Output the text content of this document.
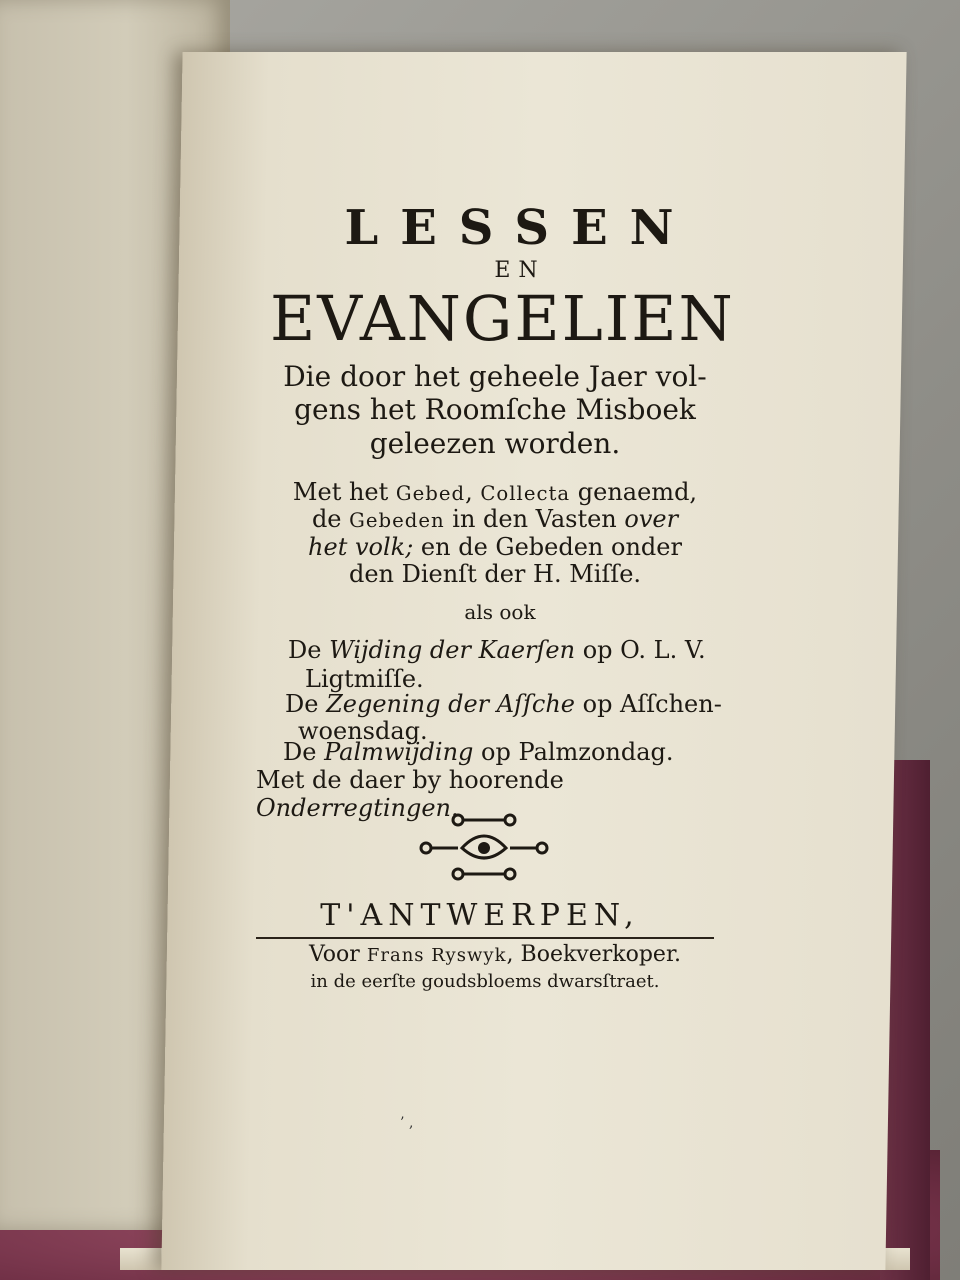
LESSEN
EN
EVANGELIEN
Die door het geheele Jaer vol-
gens het Roomſche Misboek
geleezen worden.
Met het Gebed, Collecta genaemd,
de Gebeden in den Vasten over
het volk; en de Gebeden onder
den Dienſt der H. Miſſe.
als ook
De Wijding der Kaerſen op O. L. V.
Ligtmiſſe.
De Zegening der Aſſche op Aſſchen-
woensdag.
De Palmwijding op Palmzondag.
Met de daer by hoorende Onderregtingen.
T'ANTWERPEN,
Voor Frans Ryswyk, Boekverkoper.
in de eerſte goudsbloems dwarsſtraet.
’ ‚
